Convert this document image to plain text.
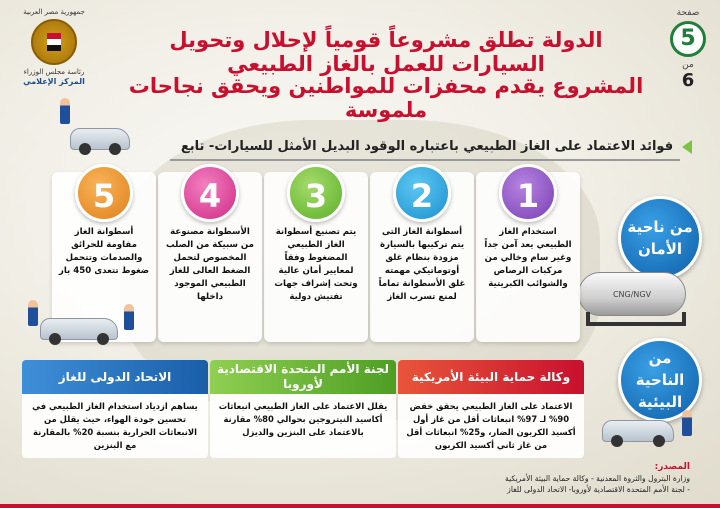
صفحة
5
من
6
الدولة تطلق مشروعاً قومياً لإحلال وتحويل السيارات للعمل بالغاز الطبيعي
المشروع يقدم محفزات للمواطنين ويحقق نجاحات ملموسة
جمهورية مصر العربية
رئاسة مجلس الوزراء
المركز الإعلامي
فوائد الاعتماد على الغاز الطبيعي باعتباره الوقود البديل الأمثل للسيارات- تابع
من ناحية الأمان
CNG/NGV
من الناحية البيئية
1
استخدام الغاز الطبيعي يعد آمن جداً وغير سام وخالي من مركبات الرصاص والشوائب الكبريتية
2
أسطوانة الغاز التى يتم تركيبها بالسيارة مزودة بنظام غلق أوتوماتيكي مهمته غلق الأسطوانة تماماً لمنع تسرب الغاز
3
يتم تصنيع أسطوانة الغاز الطبيعي المضغوط وفقاً لمعايير أمان عالية وتحت إشراف جهات تفتيش دولية
4
الأسطوانة مصنوعة من سبيكة من الصلب المخصوص لتحمل الضغط العالى للغاز الطبيعي الموجود داخلها
5
أسطوانة الغاز مقاومة للحرائق والصدمات وتتحمل ضغوط تتعدى 450 بار
وكالة حماية البيئة الأمريكية
الاعتماد على الغاز الطبيعي يحقق خفض 90% لـ 97% انبعاثات أقل من غاز أول أكسيد الكربون الضار، و25% انبعاثات أقل من غاز ثاني أكسيد الكربون
لجنة الأمم المتحدة الاقتصادية لأوروبا
يقلل الاعتماد على الغاز الطبيعي انبعاثات أكاسيد النيتروجين بحوالي 80% مقارنة بالاعتماد على البنزين والديزل
الاتحاد الدولى للغاز
يساهم ازدياد استخدام الغاز الطبيعي في تحسين جودة الهواء، حيث يقلل من الانبعاثات الحرارية بنسبة 20% بالمقارنة مع البنزين
المصدر:
وزارة البترول والثروة المعدنية - وكالة حماية البيئة الأمريكية
- لجنة الأمم المتحدة الاقتصادية لأوروبا- الاتحاد الدولى للغاز
